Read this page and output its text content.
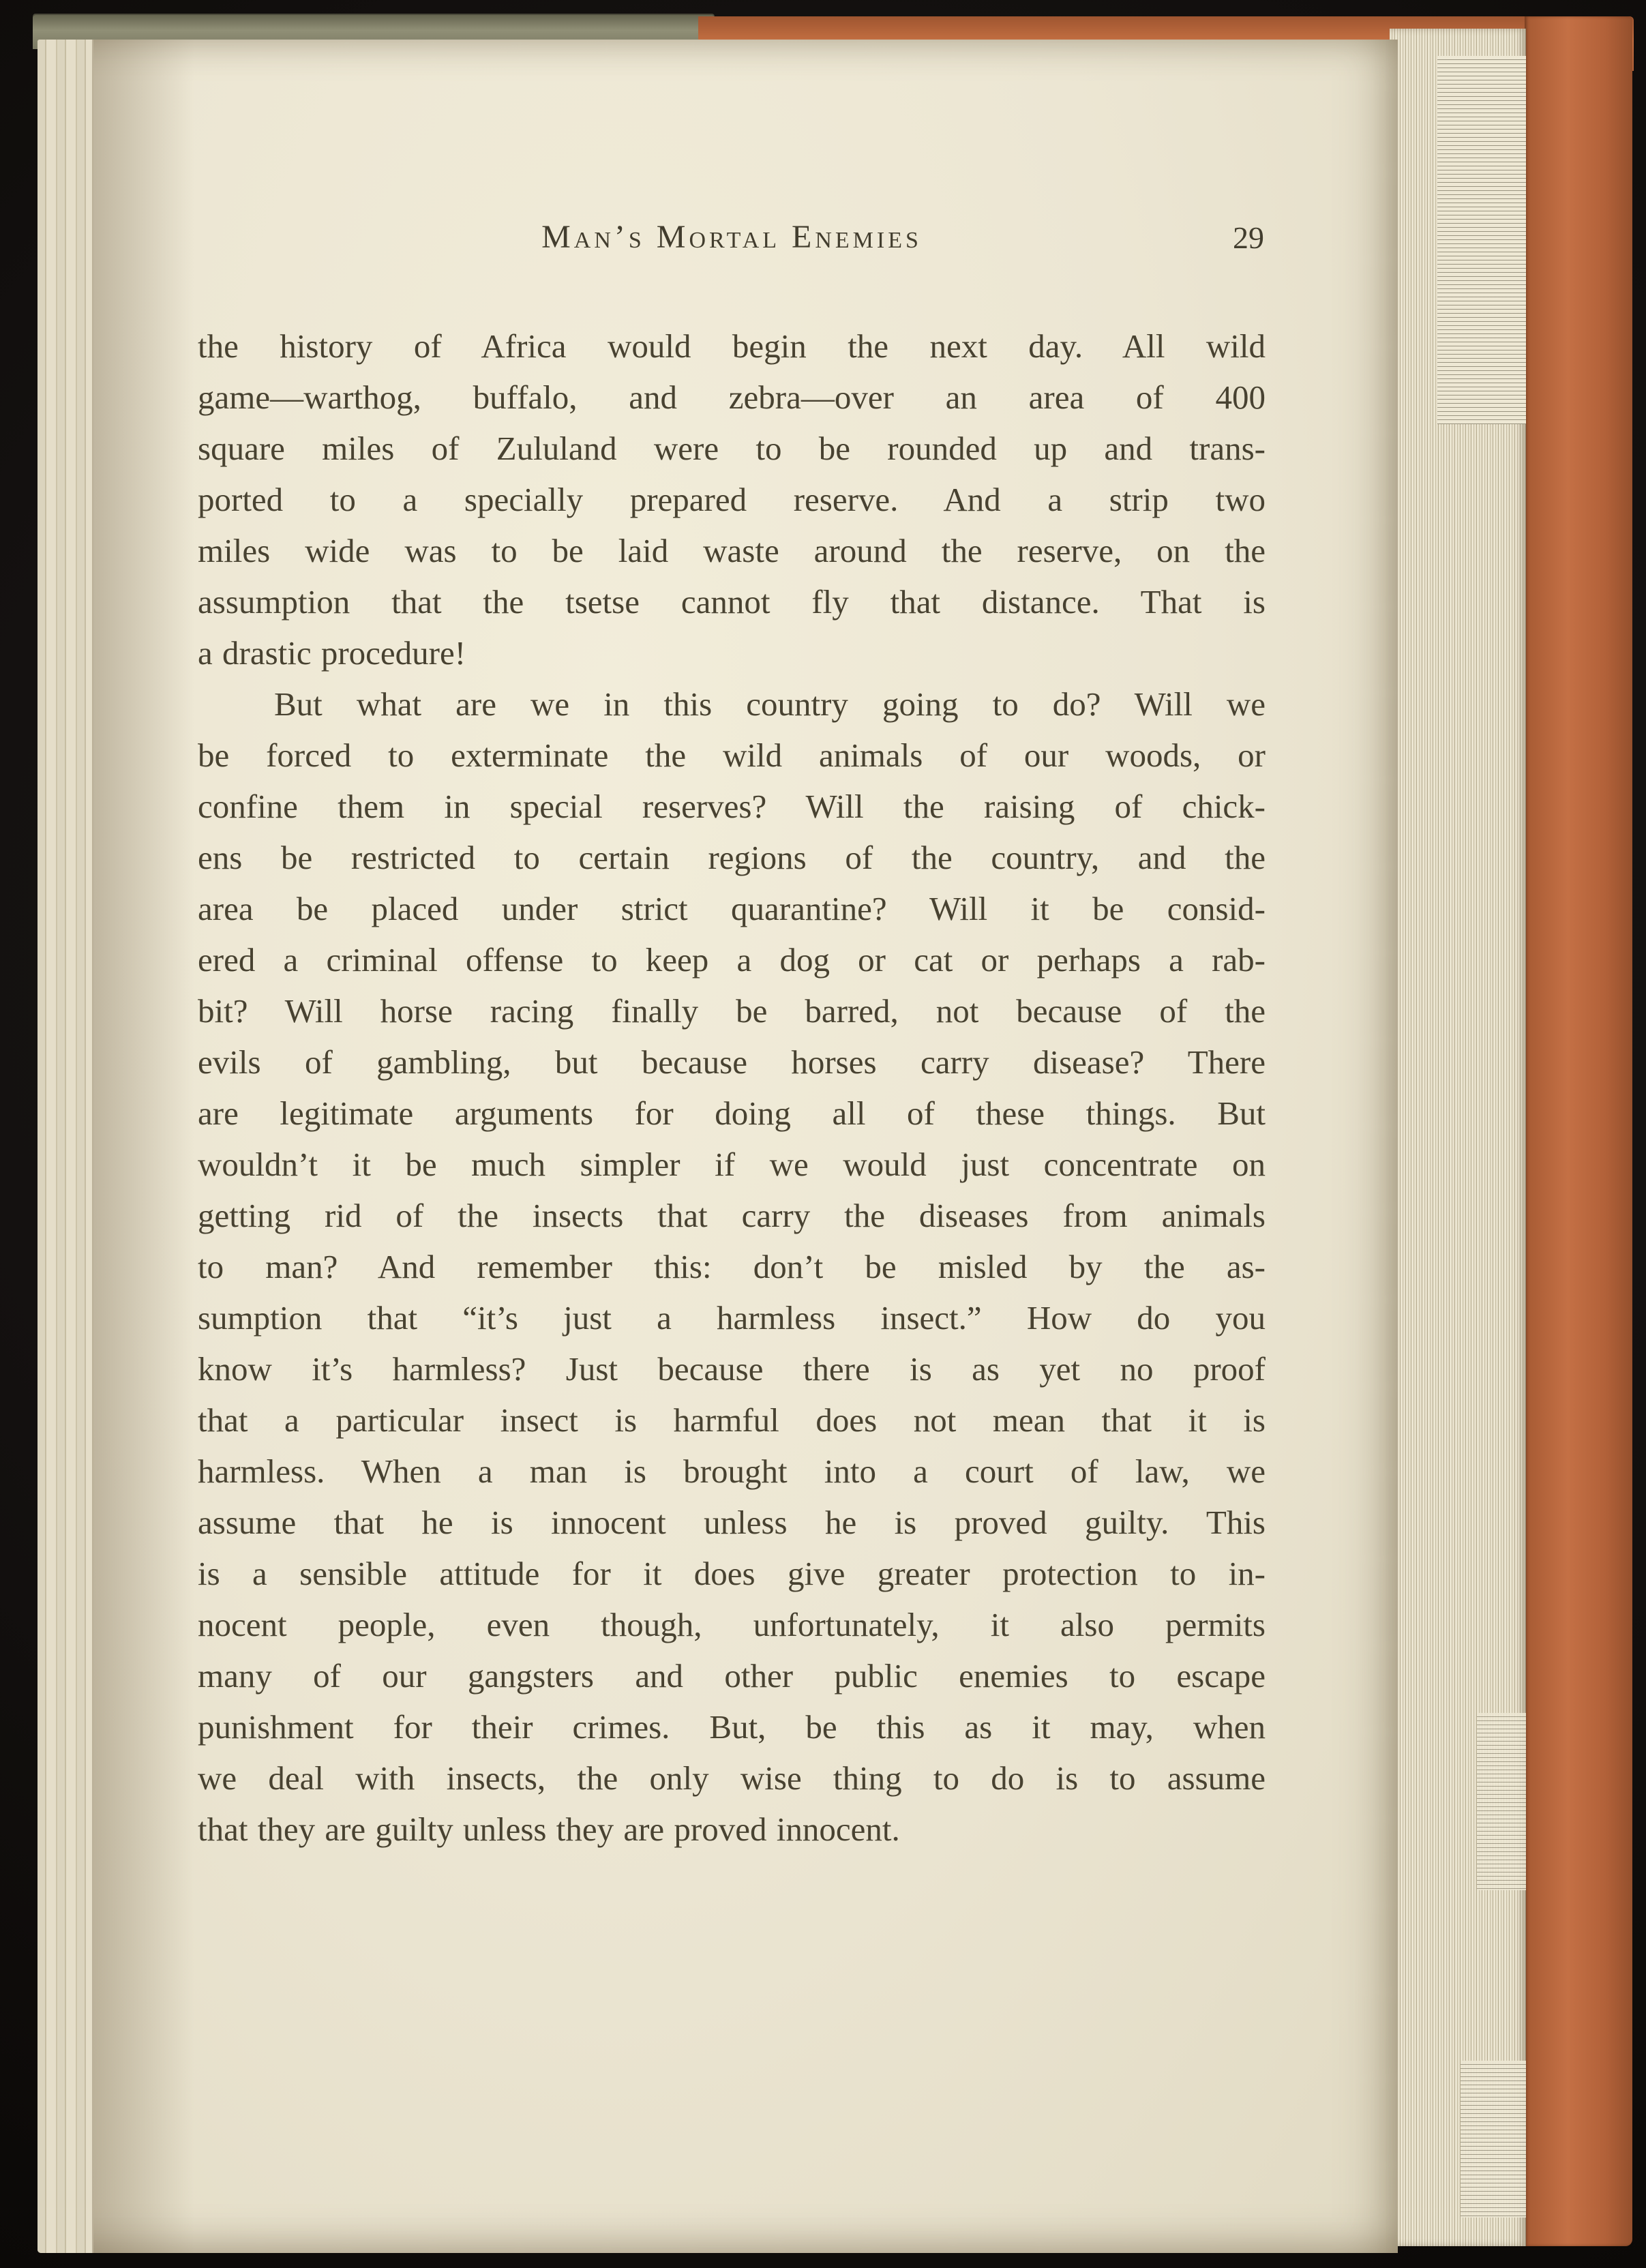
Man’s Mortal Enemies	29
the history of Africa would begin the next day. All wild
game—warthog, buffalo, and zebra—over an area of 400
square miles of Zululand were to be rounded up and trans-
ported to a specially prepared reserve. And a strip two
miles wide was to be laid waste around the reserve, on the
assumption that the tsetse cannot fly that distance. That is
a drastic procedure!
But what are we in this country going to do? Will we
be forced to exterminate the wild animals of our woods, or
confine them in special reserves? Will the raising of chick-
ens be restricted to certain regions of the country, and the
area be placed under strict quarantine? Will it be consid-
ered a criminal offense to keep a dog or cat or perhaps a rab-
bit? Will horse racing finally be barred, not because of the
evils of gambling, but because horses carry disease? There
are legitimate arguments for doing all of these things. But
wouldn’t it be much simpler if we would just concentrate on
getting rid of the insects that carry the diseases from animals
to man? And remember this: don’t be misled by the as-
sumption that “it’s just a harmless insect.” How do you
know it’s harmless? Just because there is as yet no proof
that a particular insect is harmful does not mean that it is
harmless. When a man is brought into a court of law, we
assume that he is innocent unless he is proved guilty. This
is a sensible attitude for it does give greater protection to in-
nocent people, even though, unfortunately, it also permits
many of our gangsters and other public enemies to escape
punishment for their crimes. But, be this as it may, when
we deal with insects, the only wise thing to do is to assume
that they are guilty unless they are proved innocent.
